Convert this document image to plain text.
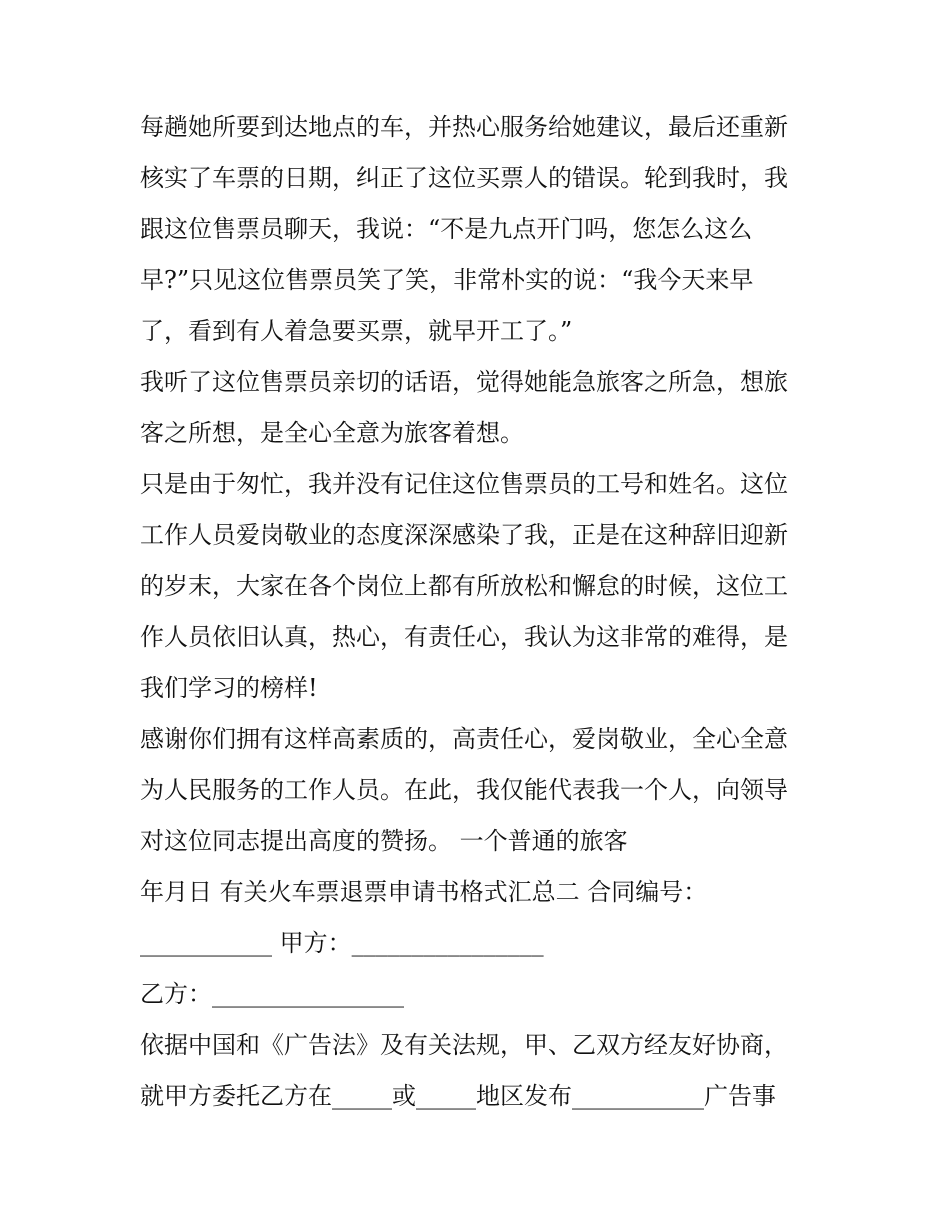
每趟她所要到达地点的车，并热心服务给她建议，最后还重新
核实了车票的日期，纠正了这位买票人的错误。轮到我时，我
跟这位售票员聊天，我说：“不是九点开门吗，您怎么这么
早?”只见这位售票员笑了笑，非常朴实的说：“我今天来早
了，看到有人着急要买票，就早开工了。”
我听了这位售票员亲切的话语，觉得她能急旅客之所急，想旅
客之所想，是全心全意为旅客着想。
只是由于匆忙，我并没有记住这位售票员的工号和姓名。这位
工作人员爱岗敬业的态度深深感染了我，正是在这种辞旧迎新
的岁末，大家在各个岗位上都有所放松和懈怠的时候，这位工
作人员依旧认真，热心，有责任心，我认为这非常的难得，是
我们学习的榜样!
感谢你们拥有这样高素质的，高责任心，爱岗敬业，全心全意
为人民服务的工作人员。在此，我仅能代表我一个人，向领导
对这位同志提出高度的赞扬。 一个普通的旅客
年月日 有关火车票退票申请书格式汇总二 合同编号：
___________ 甲方：________________
乙方：________________
依据中国和《广告法》及有关法规，甲、乙双方经友好协商，
就甲方委托乙方在_____或_____地区发布___________广告事
